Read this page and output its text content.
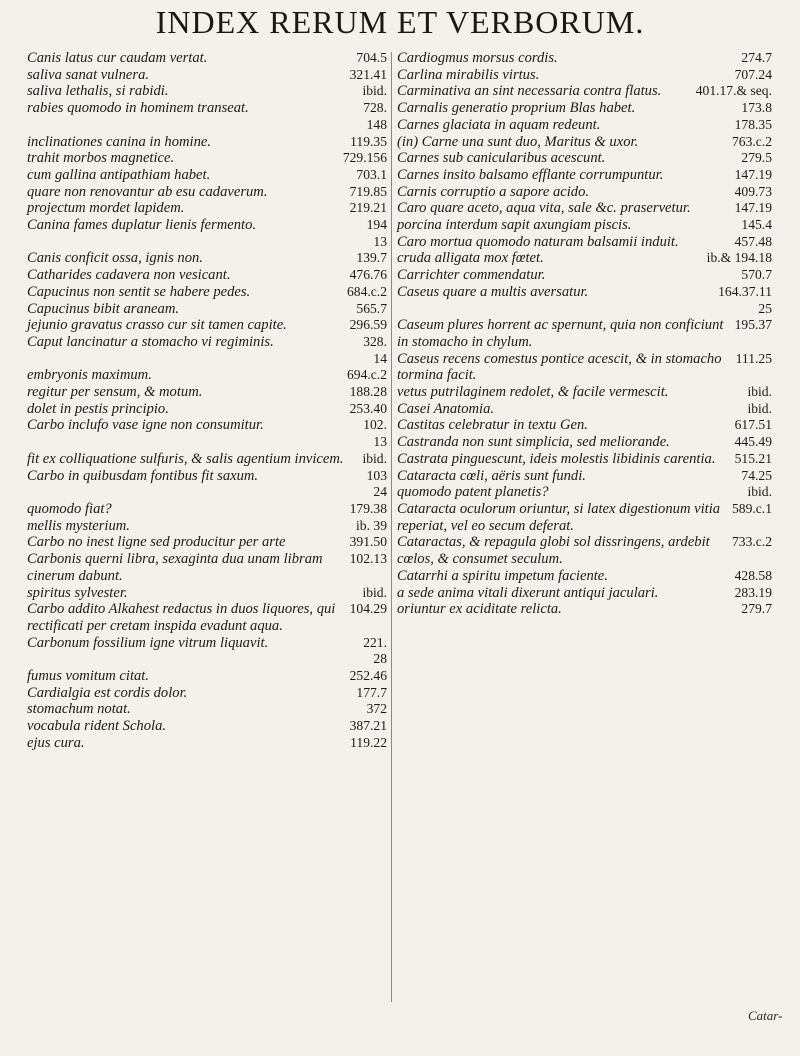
INDEX RERUM ET VERBORUM.
704.5
Canis latus cur caudam vertat.
321.41
saliva sanat vulnera.
ibid.
saliva lethalis, si rabidi.
728.
rabies quomodo in hominem transeat.
148
119.35
inclinationes canina in homine.
729.156
trahit morbos magnetice.
703.1
cum gallina antipathiam habet.
719.85
quare non renovantur ab esu cadaverum.
219.21
projectum mordet lapidem.
194
Canina fames duplatur lienis fermento.
13
139.7
Canis conficit ossa, ignis non.
476.76
Catharides cadavera non vesicant.
684.c.2
Capucinus non sentit se habere pedes.
565.7
Capucinus bibit araneam.
296.59
jejunio gravatus crasso cur sit tamen capite.
328.
Caput lancinatur a stomacho vi regiminis.
14
694.c.2
embryonis maximum.
188.28
regitur per sensum, & motum.
253.40
dolet in pestis principio.
102.
Carbo inclufo vase igne non consumitur.
13
ibid.
fit ex colliquatione sulfuris, & salis agentium invicem.
103
Carbo in quibusdam fontibus fit saxum.
24
179.38
quomodo fiat?
ib. 39
mellis mysterium.
391.50
Carbo no inest ligne sed producitur per arte
102.13
Carbonis querni libra, sexaginta dua unam libram cinerum dabunt.
ibid.
spiritus sylvester.
104.29
Carbo addito Alkahest redactus in duos liquores, qui rectificati per cretam inspida evadunt aqua.
221.
Carbonum fossilium igne vitrum liquavit.
28
252.46
fumus vomitum citat.
177.7
Cardialgia est cordis dolor.
372
stomachum notat.
387.21
vocabula rident Schola.
119.22
ejus cura.
274.7
Cardiogmus morsus cordis.
707.24
Carlina mirabilis virtus.
401.17.& seq.
Carminativa an sint necessaria contra flatus.
173.8
Carnalis generatio proprium Blas habet.
178.35
Carnes glaciata in aquam redeunt.
763.c.2
(in) Carne una sunt duo, Maritus & uxor.
279.5
Carnes sub canicularibus acescunt.
147.19
Carnes insito balsamo efflante corrumpuntur.
409.73
Carnis corruptio a sapore acido.
147.19
Caro quare aceto, aqua vita, sale &c. praservetur.
145.4
porcina interdum sapit axungiam piscis.
457.48
Caro mortua quomodo naturam balsamii induit.
ib.& 194.18
cruda alligata mox fœtet.
570.7
Carrichter commendatur.
164.37.11
Caseus quare a multis aversatur.
25
195.37
Caseum plures horrent ac spernunt, quia non conficiunt in stomacho in chylum.
111.25
Caseus recens comestus pontice acescit, & in stomacho tormina facit.
ibid.
vetus putrilaginem redolet, & facile vermescit.
ibid.
Casei Anatomia.
617.51
Castitas celebratur in textu Gen.
445.49
Castranda non sunt simplicia, sed meliorande.
515.21
Castrata pinguescunt, ideis molestis libidinis carentia.
74.25
Cataracta cœli, aëris sunt fundi.
ibid.
quomodo patent planetis?
589.c.1
Cataracta oculorum oriuntur, si latex digestionum vitia reperiat, vel eo secum deferat.
733.c.2
Cataractas, & repagula globi sol dissringens, ardebit cœlos, & consumet seculum.
428.58
Catarrhi a spiritu impetum faciente.
283.19
a sede anima vitali dixerunt antiqui jaculari.
279.7
oriuntur ex aciditate relicta.
Catar-
